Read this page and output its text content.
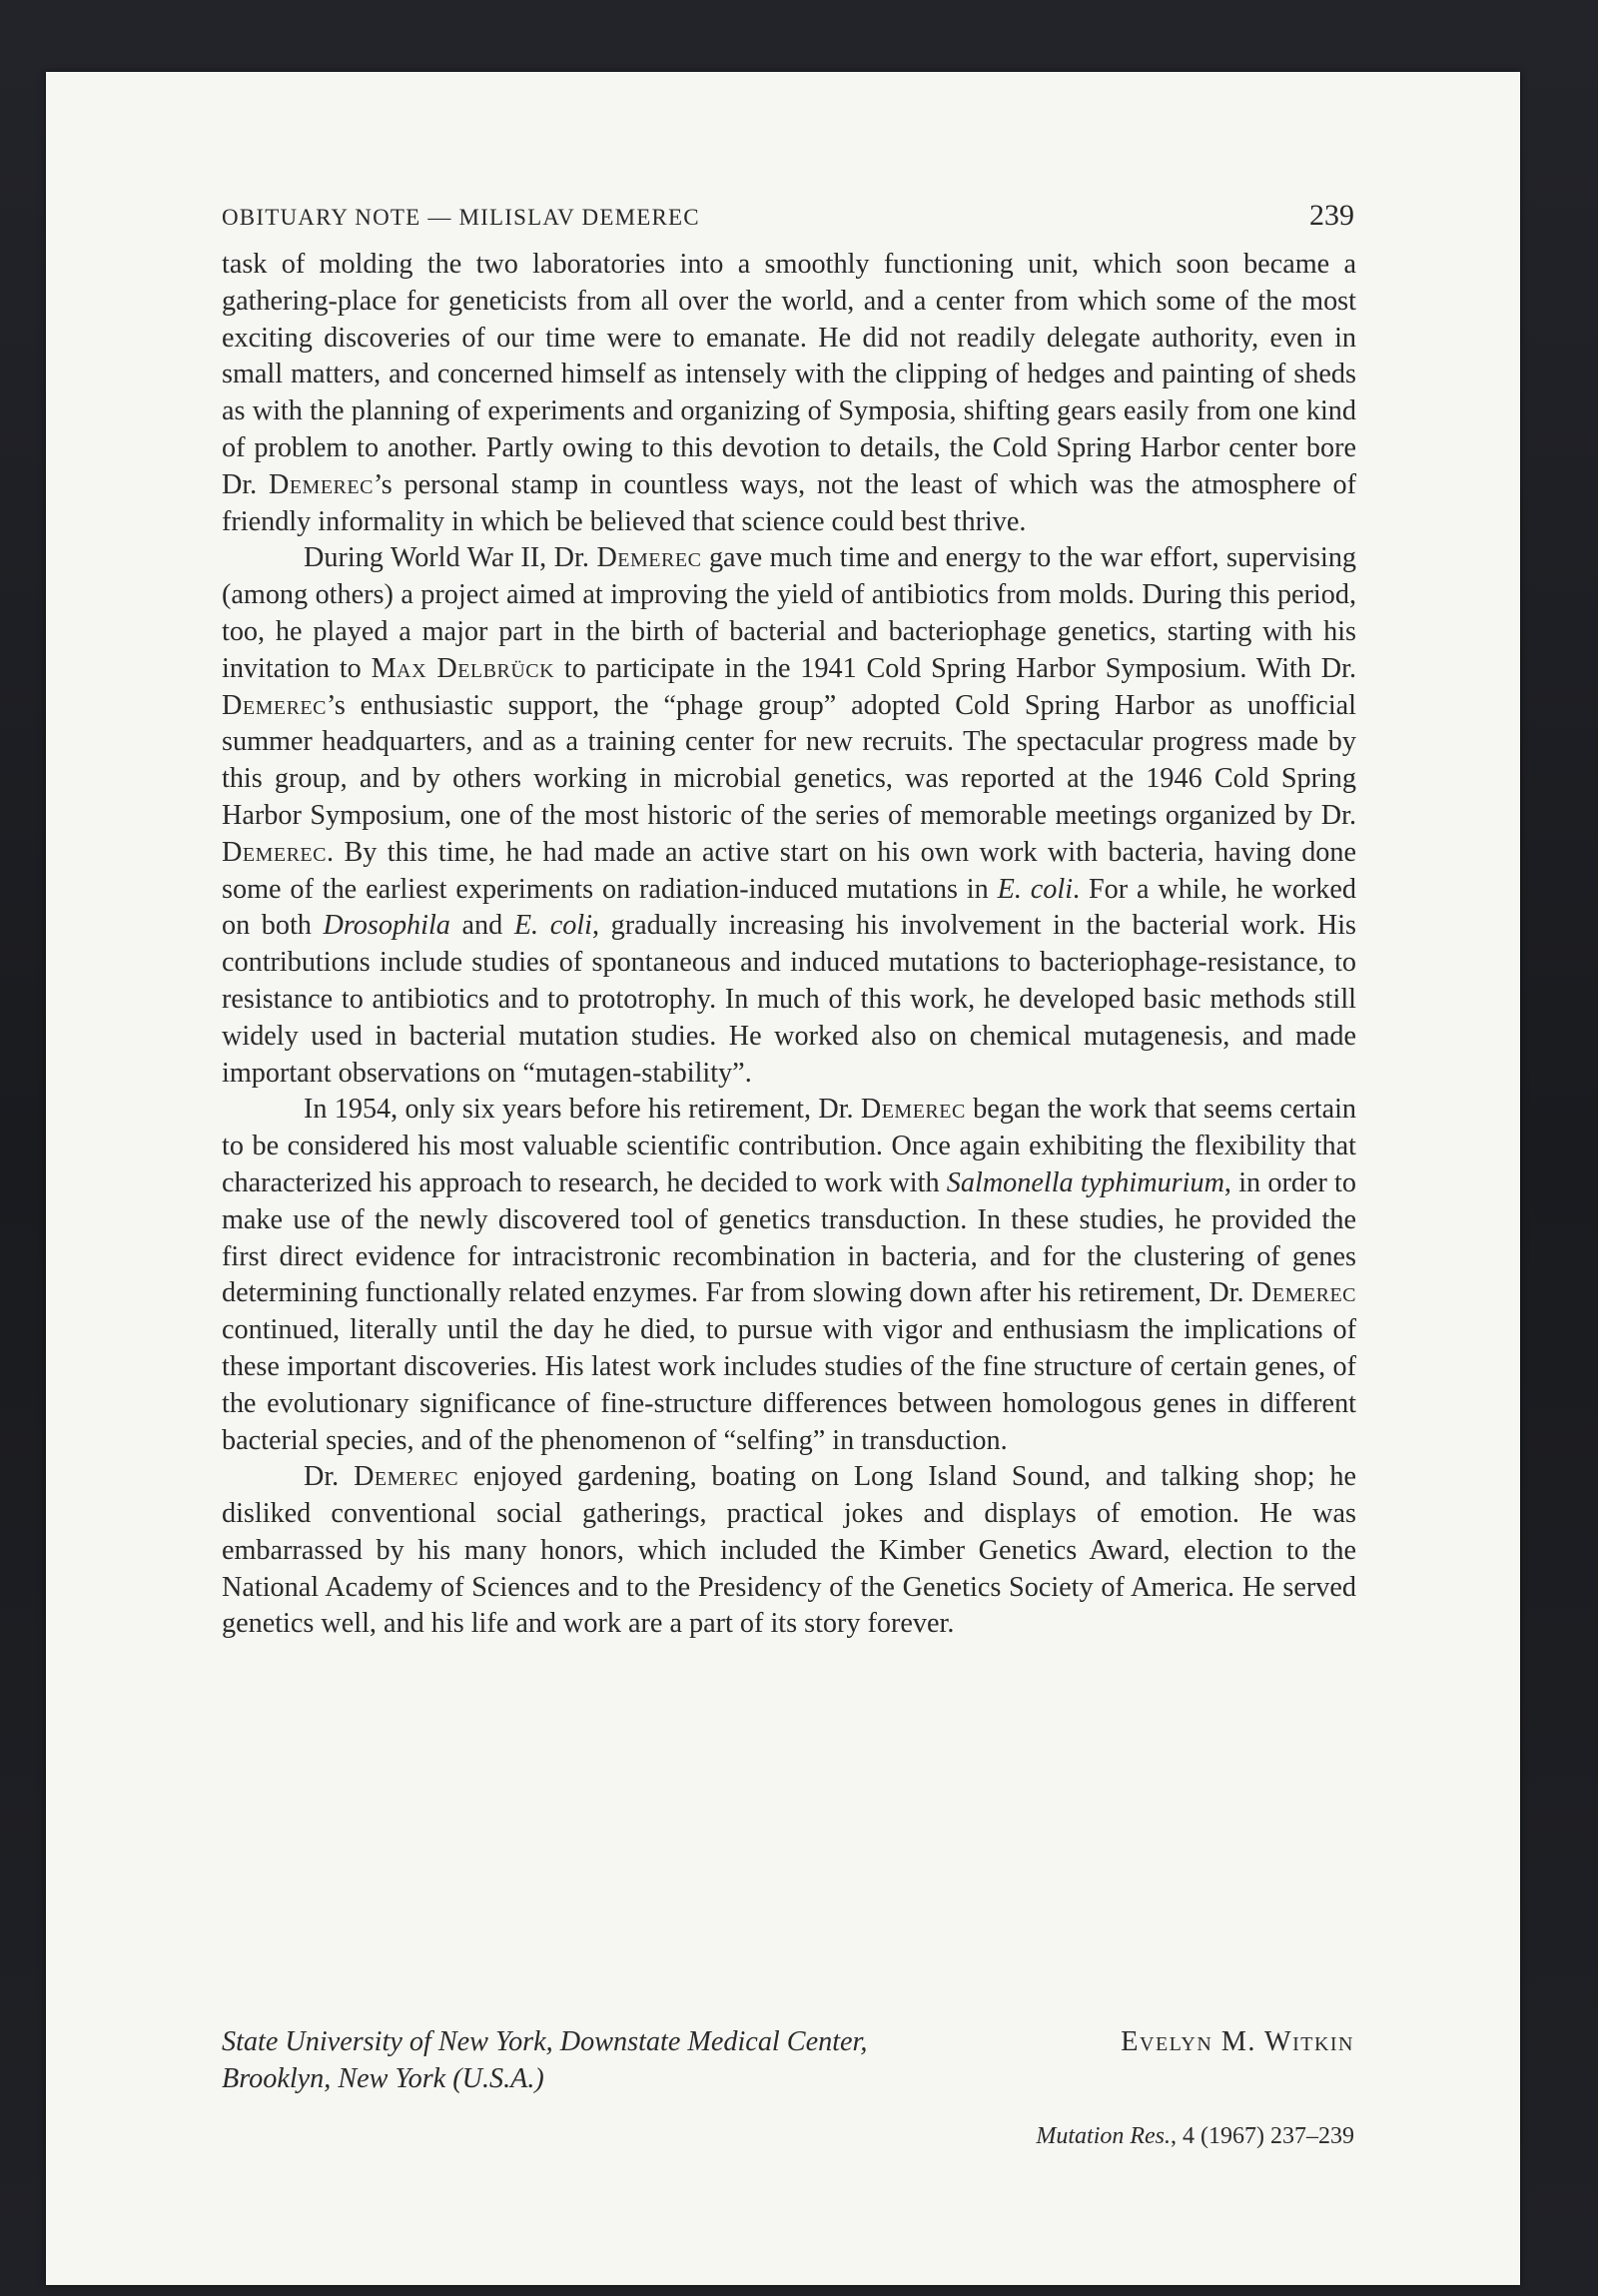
OBITUARY NOTE — MILISLAV DEMEREC	239

task of molding the two laboratories into a smoothly functioning unit, which soon became a gathering-place for geneticists from all over the world, and a center from which some of the most exciting discoveries of our time were to emanate. He did not readily delegate authority, even in small matters, and concerned himself as intensely with the clipping of hedges and painting of sheds as with the planning of experiments and organizing of Symposia, shifting gears easily from one kind of problem to another. Partly owing to this devotion to details, the Cold Spring Harbor center bore Dr. Demerec’s personal stamp in countless ways, not the least of which was the atmosphere of friendly informality in which be believed that science could best thrive.

During World War II, Dr. Demerec gave much time and energy to the war effort, supervising (among others) a project aimed at improving the yield of antibiotics from molds. During this period, too, he played a major part in the birth of bacterial and bacteriophage genetics, starting with his invitation to Max Delbrück to participate in the 1941 Cold Spring Harbor Symposium. With Dr. Demerec’s enthusiastic support, the “phage group” adopted Cold Spring Harbor as unofficial summer headquarters, and as a training center for new recruits. The spectacular progress made by this group, and by others working in microbial genetics, was reported at the 1946 Cold Spring Harbor Symposium, one of the most historic of the series of memorable meetings organized by Dr. Demerec. By this time, he had made an active start on his own work with bacteria, having done some of the earliest experiments on radiation-induced mutations in E. coli. For a while, he worked on both Drosophila and E. coli, gradually increasing his involvement in the bacterial work. His contributions include studies of spontaneous and induced mutations to bacteriophage-resistance, to resistance to antibiotics and to prototrophy. In much of this work, he developed basic methods still widely used in bacterial mutation studies. He worked also on chemical mutagenesis, and made important observations on “mutagen-stability”.

In 1954, only six years before his retirement, Dr. Demerec began the work that seems certain to be considered his most valuable scientific contribution. Once again exhibiting the flexibility that characterized his approach to research, he decided to work with Salmonella typhimurium, in order to make use of the newly discovered tool of genetics transduction. In these studies, he provided the first direct evidence for intracistronic recombination in bacteria, and for the clustering of genes determining functionally related enzymes. Far from slowing down after his retirement, Dr. Demerec continued, literally until the day he died, to pursue with vigor and enthusiasm the implications of these important discoveries. His latest work includes studies of the fine structure of certain genes, of the evolutionary significance of fine-structure differences between homologous genes in different bacterial species, and of the phenomenon of “selfing” in transduction.

Dr. Demerec enjoyed gardening, boating on Long Island Sound, and talking shop; he disliked conventional social gatherings, practical jokes and displays of emotion. He was embarrassed by his many honors, which included the Kimber Genetics Award, election to the National Academy of Sciences and to the Presidency of the Genetics Society of America. He served genetics well, and his life and work are a part of its story forever.

State University of New York, Downstate Medical Center,
Brooklyn, New York (U.S.A.)
Evelyn M. Witkin
Mutation Res., 4 (1967) 237–239
